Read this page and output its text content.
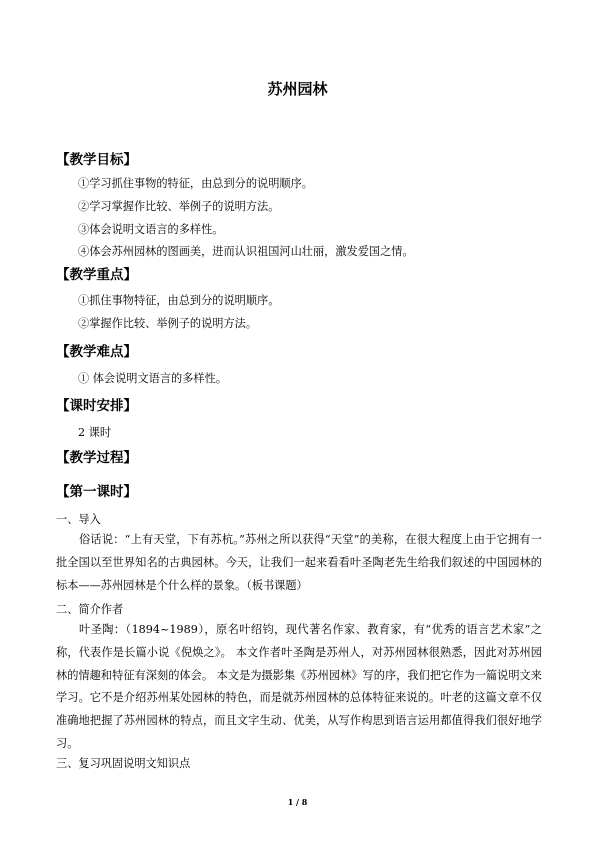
苏州园林
【教学目标】
①学习抓住事物的特征，由总到分的说明顺序。
②学习掌握作比较、举例子的说明方法。
③体会说明文语言的多样性。
④体会苏州园林的图画美，进而认识祖国河山壮丽，激发爱国之情。
【教学重点】
①抓住事物特征，由总到分的说明顺序。
②掌握作比较、举例子的说明方法。
【教学难点】
① 体会说明文语言的多样性。
【课时安排】
2 课时
【教学过程】
【第一课时】
一、导入
俗话说：“上有天堂，下有苏杭。”苏州之所以获得“天堂”的美称，在很大程度上由于它拥有一批全国以至世界知名的古典园林。今天，让我们一起来看看叶圣陶老先生给我们叙述的中国园林的标本——苏州园林是个什么样的景象。（板书课题）
二、简介作者
叶圣陶：（1894~1989），原名叶绍钧，现代著名作家、教育家，有“优秀的语言艺术家”之称，代表作是长篇小说《倪焕之》。 本文作者叶圣陶是苏州人，对苏州园林很熟悉，因此对苏州园林的情趣和特征有深刻的体会。 本文是为摄影集《苏州园林》写的序，我们把它作为一篇说明文来学习。它不是介绍苏州某处园林的特色，而是就苏州园林的总体特征来说的。叶老的这篇文章不仅准确地把握了苏州园林的特点，而且文字生动、优美，从写作构思到语言运用都值得我们很好地学习。
三、复习巩固说明文知识点
1 / 8
